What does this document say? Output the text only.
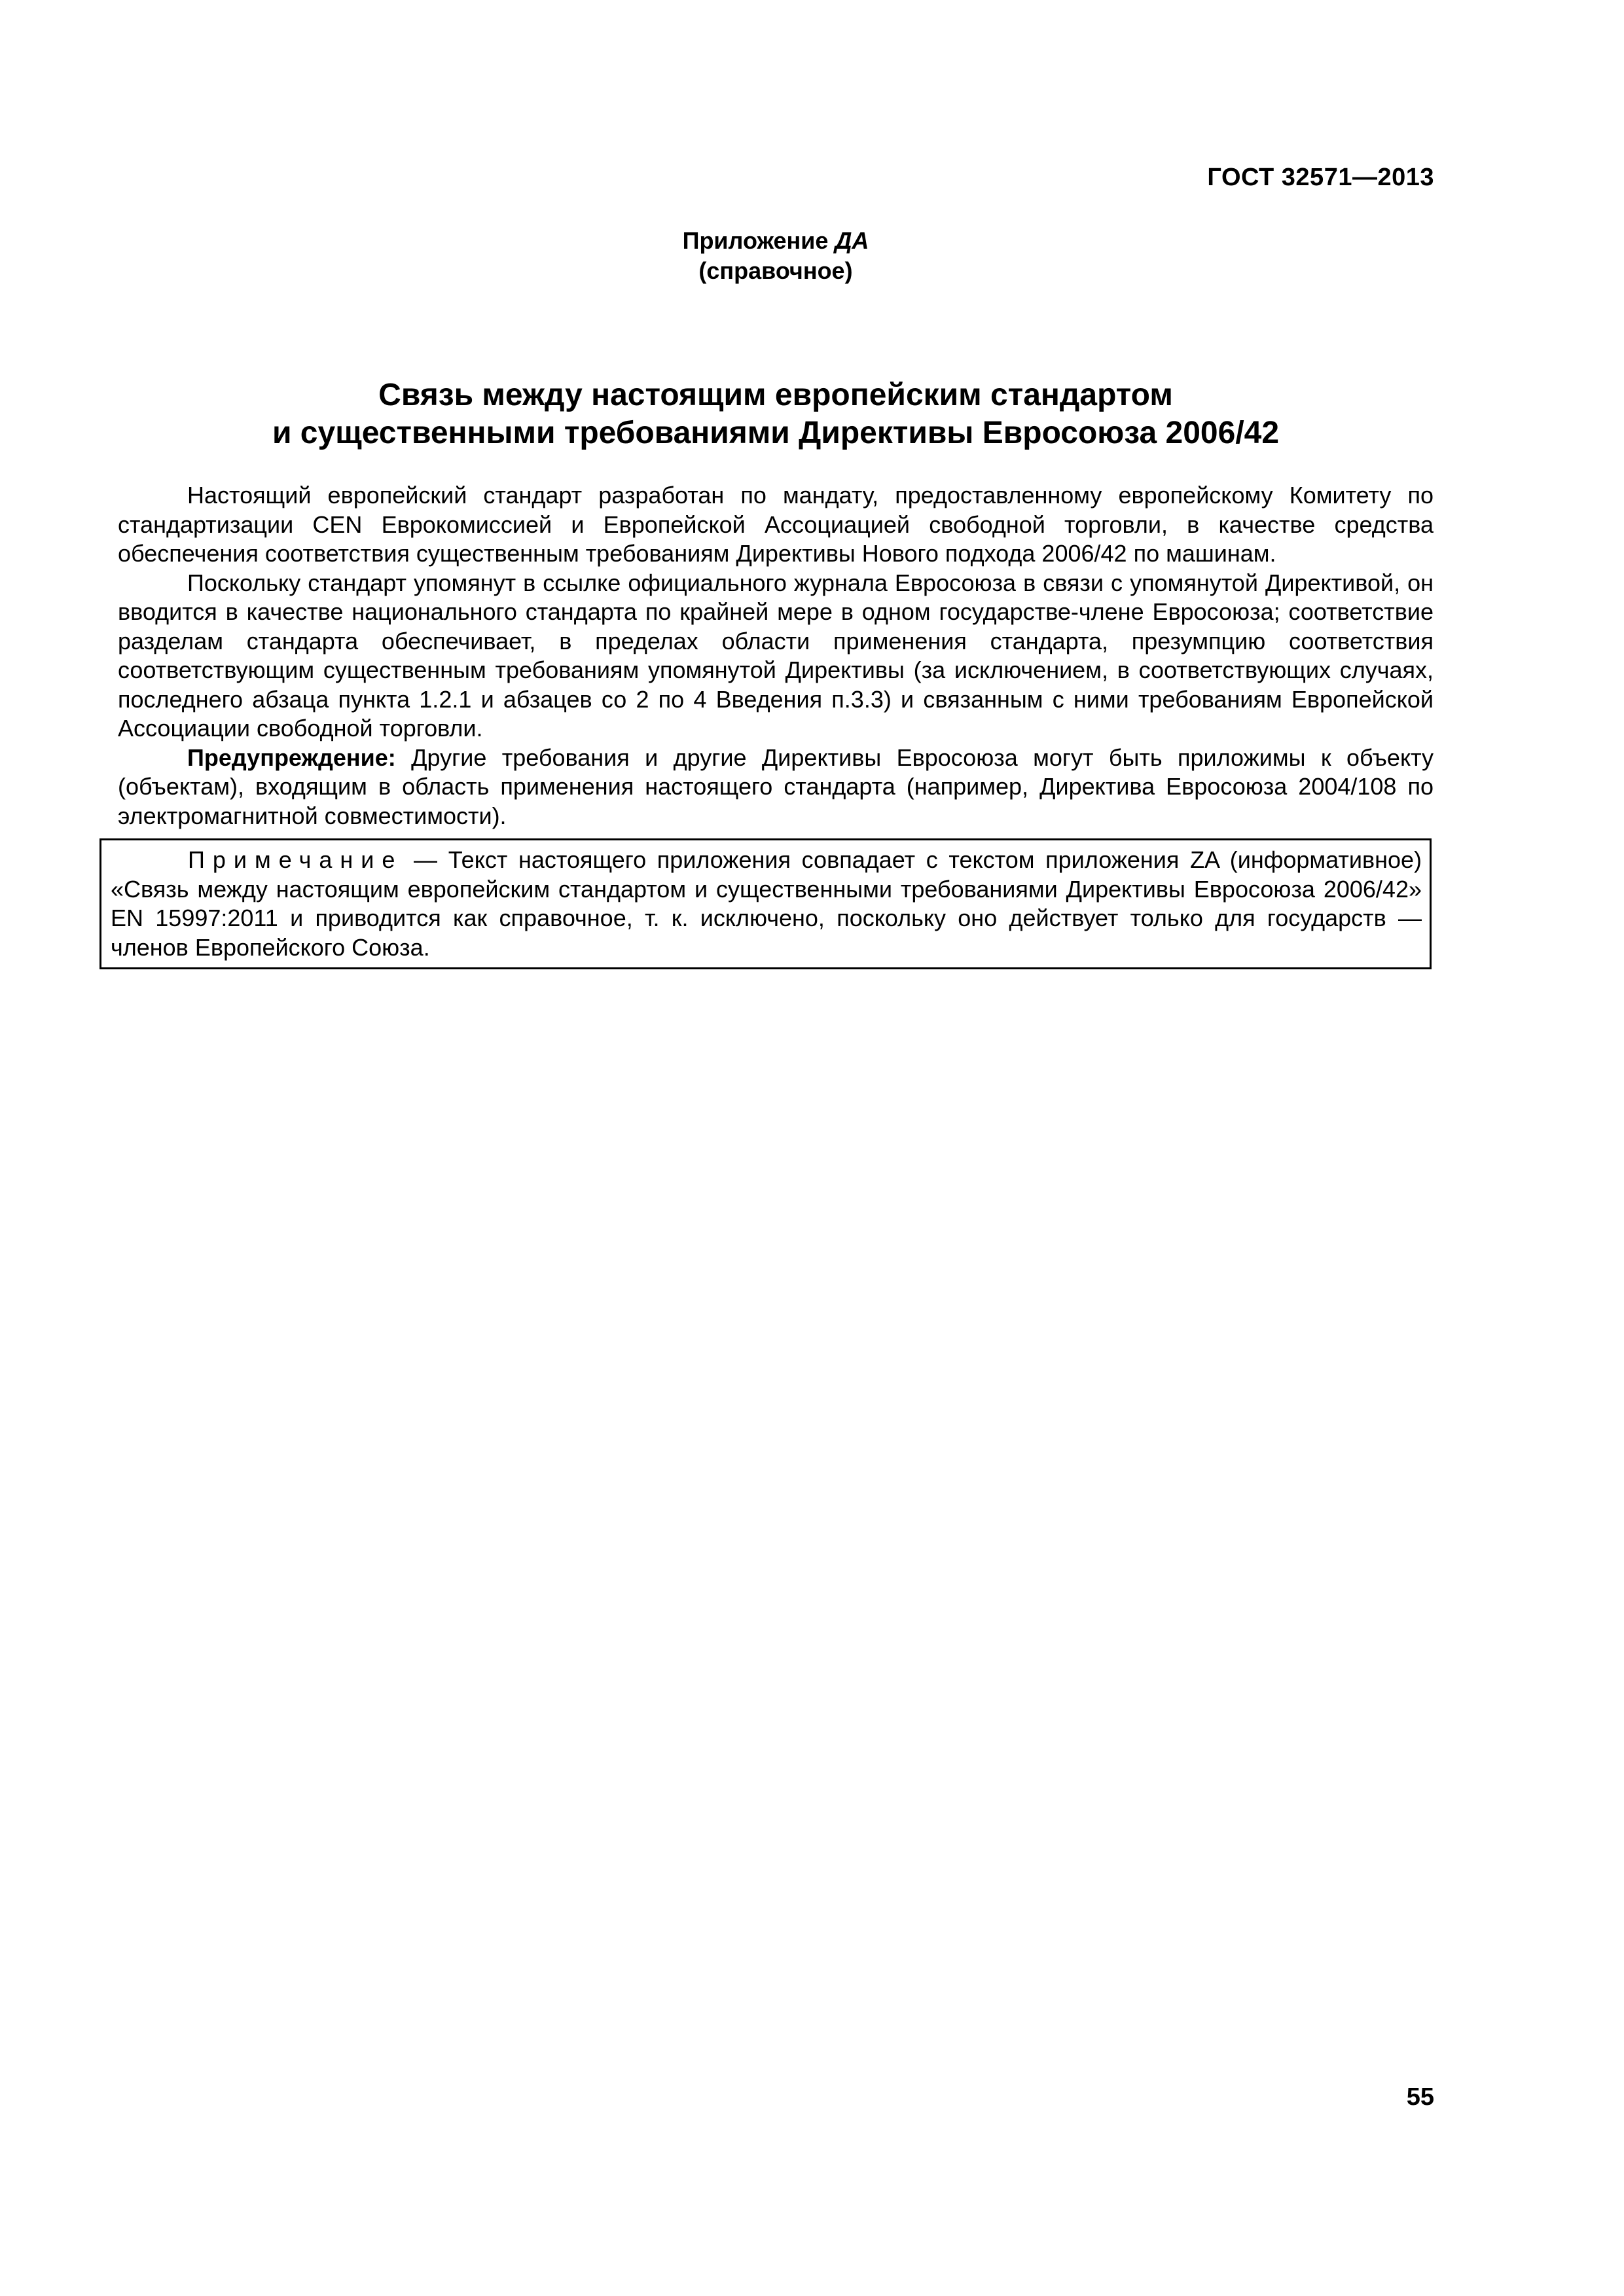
ГОСТ 32571—2013
Приложение ДА
(справочное)
Связь между настоящим европейским стандартом
и существенными требованиями Директивы Евросоюза 2006/42

Настоящий европейский стандарт разработан по мандату, предоставленному европейскому Комитету по стандартизации CEN Еврокомиссией и Европейской Ассоциацией свободной торговли, в качестве средства обеспечения соответствия существенным требованиям Директивы Нового подхода 2006/42 по машинам.

Поскольку стандарт упомянут в ссылке официального журнала Евросоюза в связи с упомянутой Директивой, он вводится в качестве национального стандарта по крайней мере в одном государстве-члене Евросоюза; соответствие разделам стандарта обеспечивает, в пределах области применения стандарта, презумпцию соответствия соответствующим существенным требованиям упомянутой Директивы (за исключением, в соответствующих случаях, последнего абзаца пункта 1.2.1 и абзацев со 2 по 4 Введения п.3.3) и связанным с ними требованиям Европейской Ассоциации свободной торговли.

Предупреждение: Другие требования и другие Директивы Евросоюза могут быть приложимы к объекту (объектам), входящим в область применения настоящего стандарта (например, Директива Евросоюза 2004/108 по электромагнитной совместимости).

Примечание — Текст настоящего приложения совпадает с текстом приложения ZA (информативное) «Связь между настоящим европейским стандартом и существенными требованиями Директивы Евросоюза 2006/42» EN 15997:2011 и приводится как справочное, т. к. исключено, поскольку оно действует только для государств — членов Европейского Союза.

55
